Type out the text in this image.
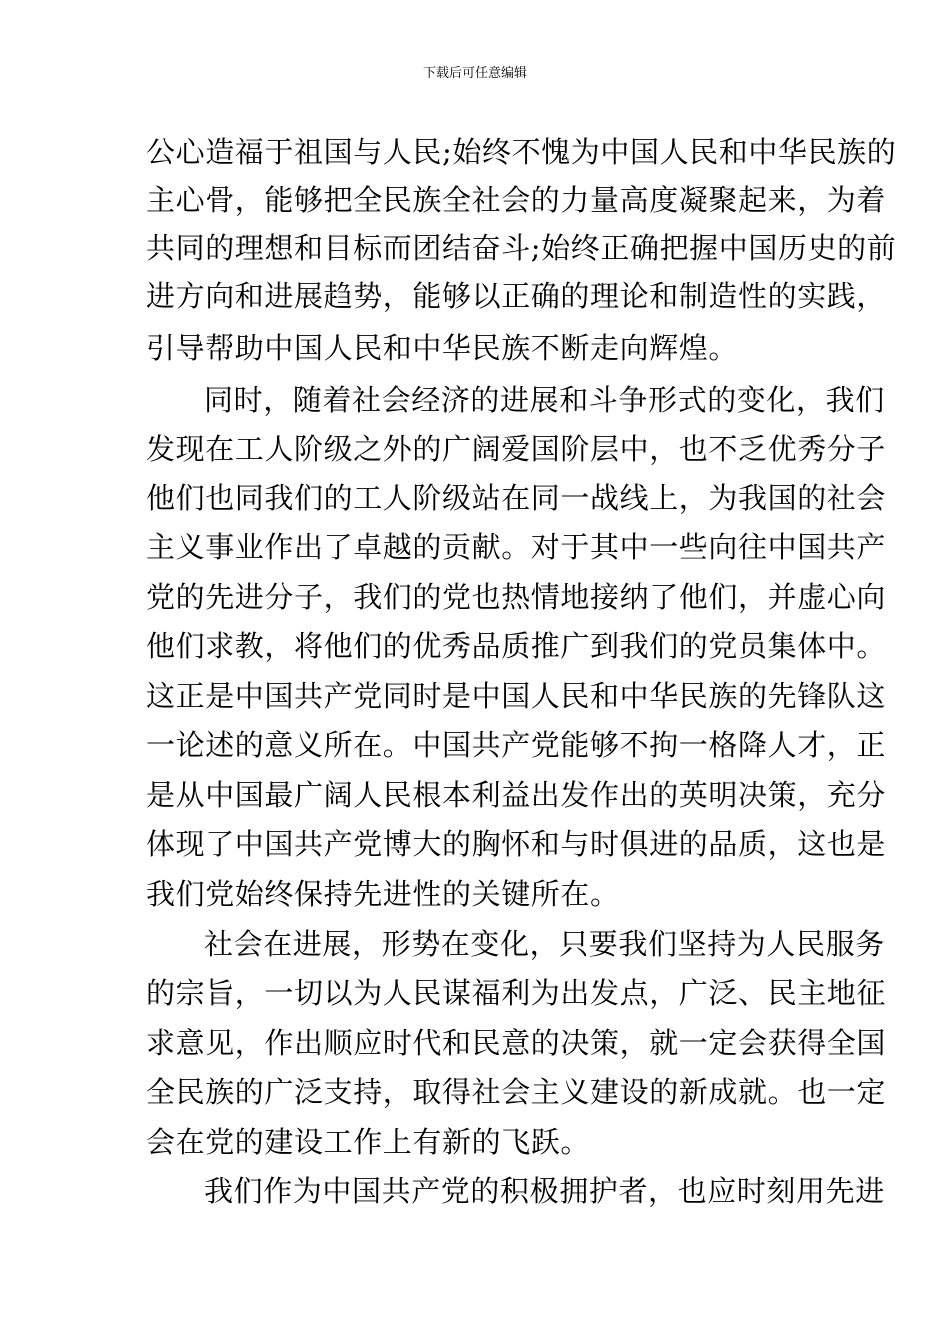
下载后可任意编辑
公心造福于祖国与人民;始终不愧为中国人民和中华民族的
主心骨，能够把全民族全社会的力量高度凝聚起来，为着
共同的理想和目标而团结奋斗;始终正确把握中国历史的前
进方向和进展趋势，能够以正确的理论和制造性的实践，
引导帮助中国人民和中华民族不断走向辉煌。
同时，随着社会经济的进展和斗争形式的变化，我们
发现在工人阶级之外的广阔爱国阶层中，也不乏优秀分子
他们也同我们的工人阶级站在同一战线上，为我国的社会
主义事业作出了卓越的贡献。对于其中一些向往中国共产
党的先进分子，我们的党也热情地接纳了他们，并虚心向
他们求教，将他们的优秀品质推广到我们的党员集体中。
这正是中国共产党同时是中国人民和中华民族的先锋队这
一论述的意义所在。中国共产党能够不拘一格降人才，正
是从中国最广阔人民根本利益出发作出的英明决策，充分
体现了中国共产党博大的胸怀和与时俱进的品质，这也是
我们党始终保持先进性的关键所在。
社会在进展，形势在变化，只要我们坚持为人民服务
的宗旨，一切以为人民谋福利为出发点，广泛、民主地征
求意见，作出顺应时代和民意的决策，就一定会获得全国
全民族的广泛支持，取得社会主义建设的新成就。也一定
会在党的建设工作上有新的飞跃。
我们作为中国共产党的积极拥护者，也应时刻用先进
